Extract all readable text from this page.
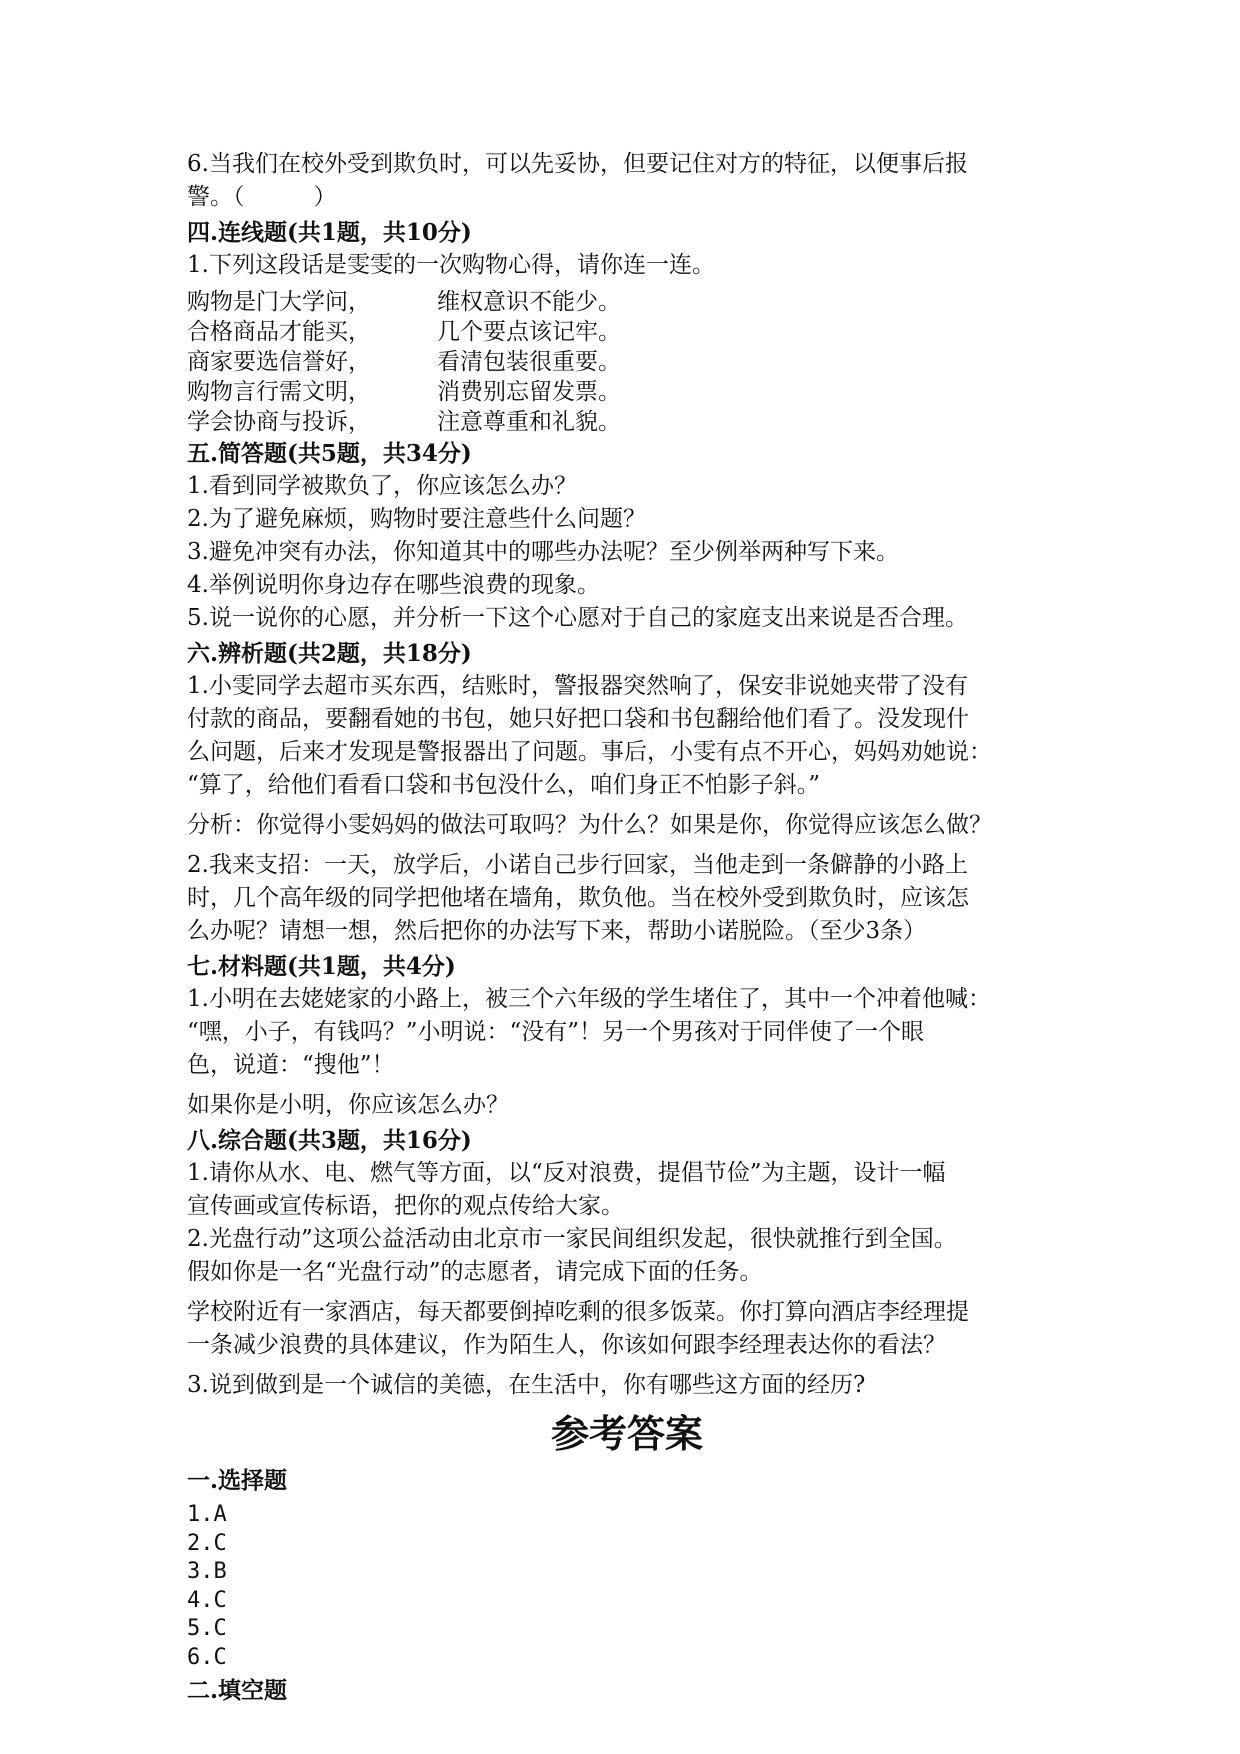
6.当我们在校外受到欺负时，可以先妥协，但要记住对方的特征，以便事后报

警。（　　　）

四.连线题(共1题，共10分)

1.下列这段话是雯雯的一次购物心得，请你连一连。

购物是门大学问，	维权意识不能少。
合格商品才能买，	几个要点该记牢。
商家要选信誉好，	看清包装很重要。
购物言行需文明，	消费别忘留发票。
学会协商与投诉，	注意尊重和礼貌。

五.简答题(共5题，共34分)

1.看到同学被欺负了，你应该怎么办？

2.为了避免麻烦，购物时要注意些什么问题？

3.避免冲突有办法，你知道其中的哪些办法呢？至少例举两种写下来。

4.举例说明你身边存在哪些浪费的现象。

5.说一说你的心愿，并分析一下这个心愿对于自己的家庭支出来说是否合理。

六.辨析题(共2题，共18分)

1.小雯同学去超市买东西，结账时，警报器突然响了，保安非说她夹带了没有

付款的商品，要翻看她的书包，她只好把口袋和书包翻给他们看了。没发现什

么问题，后来才发现是警报器出了问题。事后，小雯有点不开心，妈妈劝她说：

“算了，给他们看看口袋和书包没什么，咱们身正不怕影子斜。”

分析：你觉得小雯妈妈的做法可取吗？为什么？如果是你，你觉得应该怎么做？

2.我来支招：一天，放学后，小诺自己步行回家，当他走到一条僻静的小路上

时，几个高年级的同学把他堵在墙角，欺负他。当在校外受到欺负时，应该怎

么办呢？请想一想，然后把你的办法写下来，帮助小诺脱险。（至少3条）

七.材料题(共1题，共4分)

1.小明在去姥姥家的小路上，被三个六年级的学生堵住了，其中一个冲着他喊：

“嘿，小子，有钱吗？”小明说：“没有”！另一个男孩对于同伴使了一个眼

色，说道：“搜他”！

如果你是小明，你应该怎么办？

八.综合题(共3题，共16分)

1.请你从水、电、燃气等方面，以“反对浪费，提倡节俭”为主题，设计一幅

宣传画或宣传标语，把你的观点传给大家。

2.光盘行动”这项公益活动由北京市一家民间组织发起，很快就推行到全国。

假如你是一名“光盘行动”的志愿者，请完成下面的任务。

学校附近有一家酒店，每天都要倒掉吃剩的很多饭菜。你打算向酒店李经理提

一条减少浪费的具体建议，作为陌生人，你该如何跟李经理表达你的看法？

3.说到做到是一个诚信的美德，在生活中，你有哪些这方面的经历?

参考答案

一.选择题

1.A

2.C

3.B

4.C

5.C

6.C

二.填空题
